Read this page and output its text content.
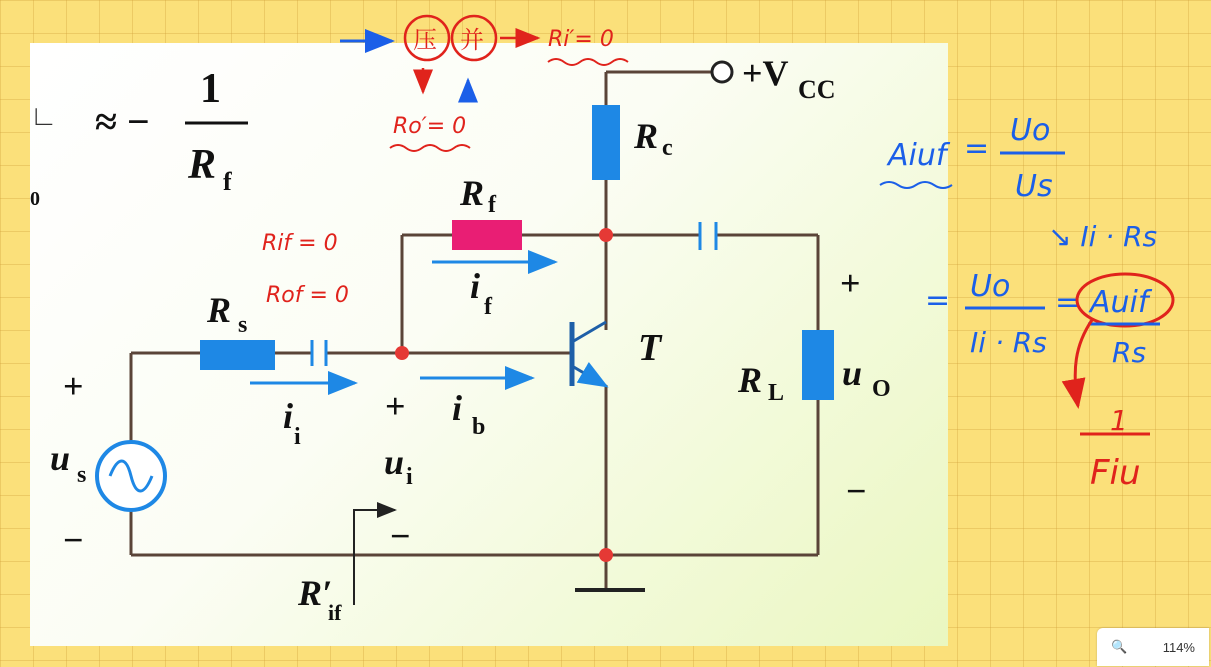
∟ ≈ −
1
R f
0
+V CC
R c
R f
i
f
R s
i
i
i b
+
−
+
−
+
−
u s	u i
R′
if
T
R L u O
压 并	Ri′= 0
Ro′= 0
Rif = 0
Rof = 0
Aiuf =
Uo
Us
↘ Ii · Rs
= Uo
Ii · Rs
= Auif
Rs
1
Fiu
🔍	114%
